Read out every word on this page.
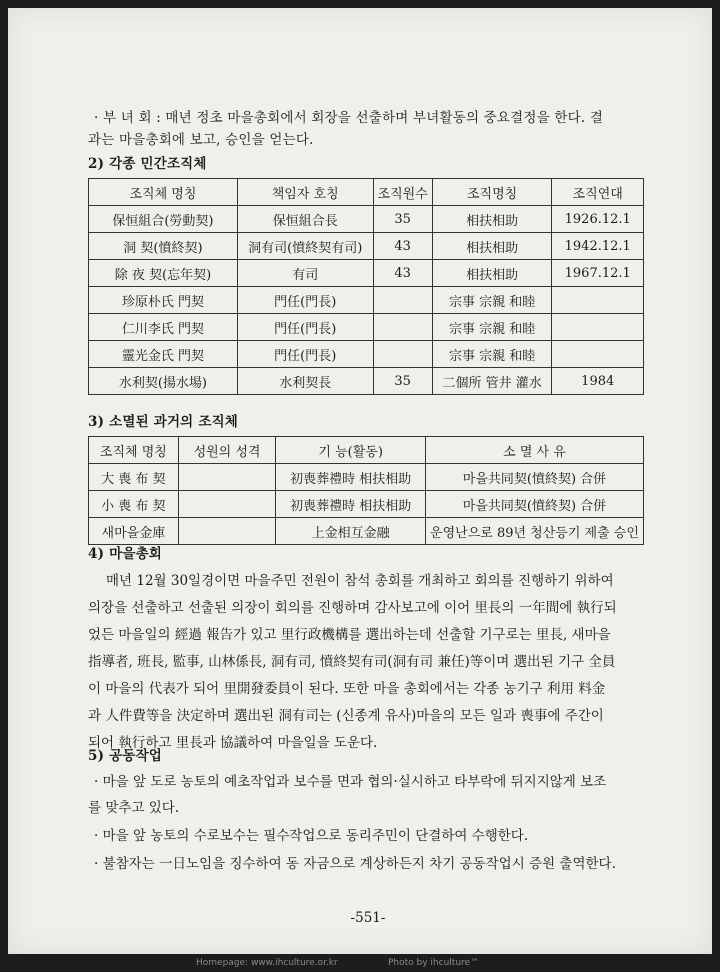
· 부 녀 회 : 매년 정초 마을총회에서 회장을 선출하며 부녀활동의 중요결정을 한다. 결
과는 마을총회에 보고, 승인을 얻는다.
2) 각종 민간조직체
조직체 명칭	책임자 호칭	조직원수	조직명칭	조직연대
保恒組合(勞動契)	保恒組合長	35	相扶相助	1926.12.1
洞 契(憤終契)	洞有司(憤終契有司)	43	相扶相助	1942.12.1
除 夜 契(忘年契)	有司	43	相扶相助	1967.12.1
珍原朴氏 門契	門任(門長)		宗事 宗親 和睦	
仁川李氏 門契	門任(門長)		宗事 宗親 和睦	
靈光金氏 門契	門任(門長)		宗事 宗親 和睦	
水利契(揚水場)	水利契長	35	二個所 管井 灌水	1984
3) 소멸된 과거의 조직체
조직체 명칭	성원의 성격	기 능(활동)	소 멸 사 유
大 喪 布 契		初喪葬禮時 相扶相助	마을共同契(憤終契) 合併
小 喪 布 契		初喪葬禮時 相扶相助	마을共同契(憤終契) 合併
새마을金庫		上金相互金融	운영난으로 89년 청산등기 제출 승인
4) 마을총회
매년 12월 30일경이면 마을주민 전원이 참석 총회를 개최하고 회의를 진행하기 위하여
의장을 선출하고 선출된 의장이 회의를 진행하며 감사보고에 이어 里長의 一年間에 執行되
었든 마을일의 經過 報告가 있고 里行政機構를 選出하는데 선출할 기구로는 里長, 새마을
指導者, 班長, 監事, 山林係長, 洞有司, 憤終契有司(洞有司 兼任)等이며 選出된 기구 全員
이 마을의 代表가 되어 里開發委員이 된다. 또한 마을 총회에서는 각종 농기구 利用 料金
과 人件費等을 決定하며 選出된 洞有司는 (신종계 유사)마을의 모든 일과 喪事에 주간이
되어 執行하고 里長과 協議하여 마을일을 도운다.
5) 공동작업
· 마을 앞 도로 농토의 예초작업과 보수를 면과 협의·실시하고 타부락에 뒤지지않게 보조
를 맞추고 있다.
· 마을 앞 농토의 수로보수는 필수작업으로 동리주민이 단결하여 수행한다.
· 불참자는 一日노임을 징수하여 동 자금으로 계상하든지 차기 공동작업시 증원 출역한다.
-551-
Homepage: www.ihculture.or.kr	Photo by ihculture™
